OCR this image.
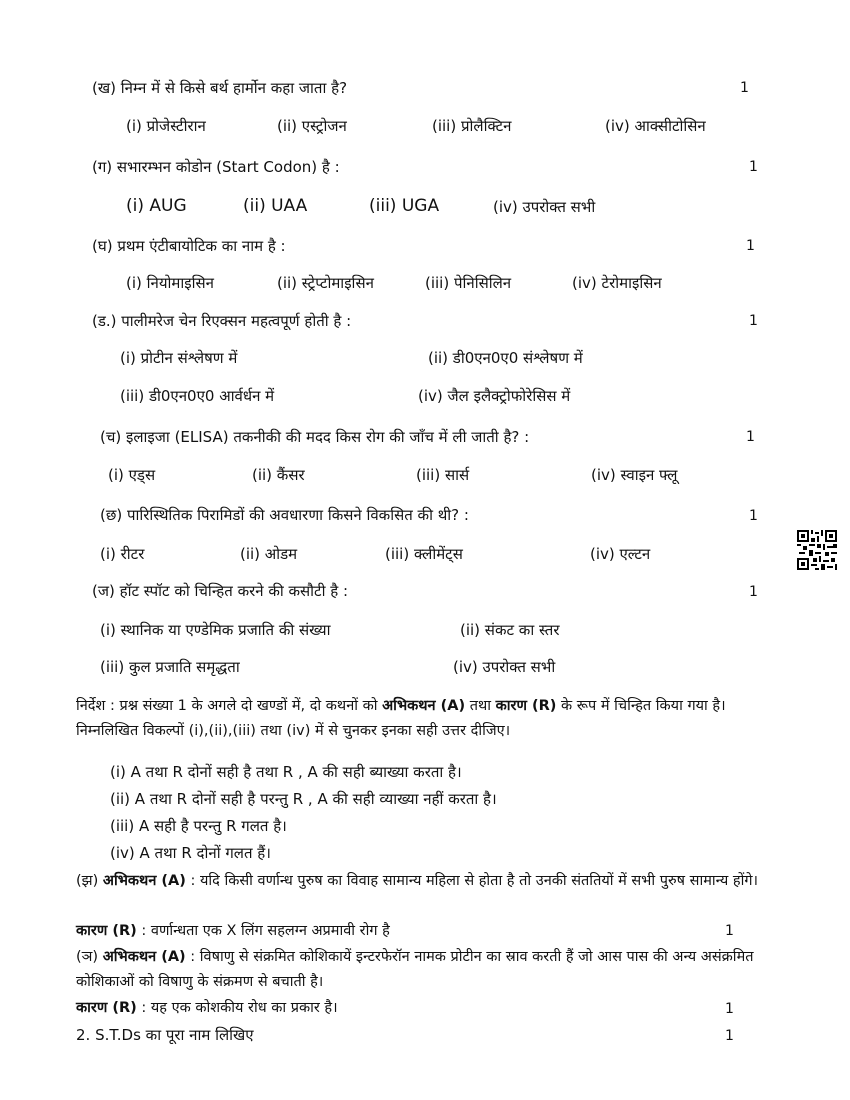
(ख) निम्न में से किसे बर्थ हार्मोन कहा जाता है?	1
(i) प्रोजेस्टीरान	(ii) एस्ट्रोजन	(iii) प्रोलैक्टिन	(iv) आक्सीटोसिन
(ग) सभारम्भन कोडोन (Start Codon) है :	1
(i) AUG	(ii) UAA	(iii) UGA	(iv) उपरोक्त सभी
(घ) प्रथम एंटीबायोटिक का नाम है :	1
(i) नियोमाइसिन	(ii) स्ट्रेप्टोमाइसिन	(iii) पेनिसिलिन	(iv) टेरोमाइसिन
(ड.) पालीमरेज चेन रिएक्सन महत्वपूर्ण होती है :	1
(i) प्रोटीन संश्लेषण में	(ii) डी0एन0ए0 संश्लेषण में
(iii) डी0एन0ए0 आर्वर्धन में	(iv) जैल इलैक्ट्रोफोरेसिस में
(च) इलाइजा (ELISA) तकनीकी की मदद किस रोग की जाँच में ली जाती है? :	1
(i) एड्स	(ii) कैंसर	(iii) सार्स	(iv) स्वाइन फ्लू
(छ) पारिस्थितिक पिरामिडों की अवधारणा किसने विकसित की थी? :	1
(i) रीटर	(ii) ओडम	(iii) क्लीमेंट्स	(iv) एल्टन
(ज) हॉट स्पॉट को चिन्हित करने की कसौटी है :	1
(i) स्थानिक या एण्डेमिक प्रजाति की संख्या	(ii) संकट का स्तर
(iii) कुल प्रजाति समृद्धता	(iv) उपरोक्त सभी
निर्देश : प्रश्न संख्या 1 के अगले दो खण्डों में, दो कथनों को अभिकथन (A) तथा कारण (R) के रूप में चिन्हित किया गया है। निम्नलिखित विकल्पों (i),(ii),(iii) तथा (iv) में से चुनकर इनका सही उत्तर दीजिए।
(i) A तथा R दोनों सही है तथा R , A की सही ब्याख्या करता है।
(ii) A तथा R दोनों सही है परन्तु R , A की सही व्याख्या नहीं करता है।
(iii) A सही है परन्तु R गलत है।
(iv) A तथा R दोनों गलत हैं।
(झ) अभिकथन (A) : यदि किसी वर्णान्ध पुरुष का विवाह सामान्य महिला से होता है तो उनकी संततियों में सभी पुरुष सामान्य होंगे।
कारण (R) : वर्णान्धता एक X लिंग सहलग्न अप्रमावी रोग है	1
(ञ) अभिकथन (A) : विषाणु से संक्रमित कोशिकायें इन्टरफेरॉन नामक प्रोटीन का स्राव करती हैं जो आस पास की अन्य असंक्रमित कोशिकाओं को विषाणु के संक्रमण से बचाती है।
कारण (R) : यह एक कोशकीय रोध का प्रकार है।	1
2. S.T.Ds का पूरा नाम लिखिए	1
